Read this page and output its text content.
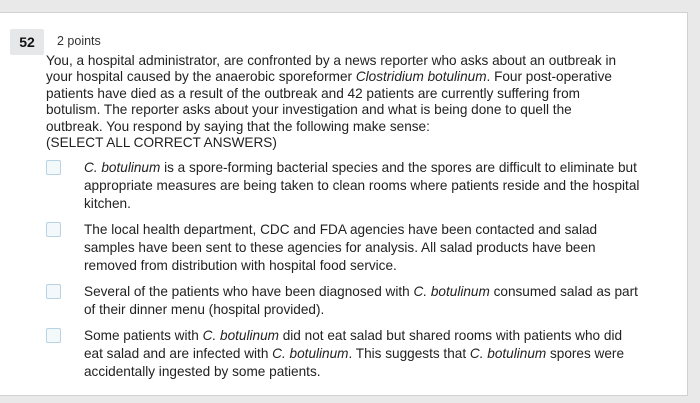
52	2 points

You, a hospital administrator, are confronted by a news reporter who asks about an outbreak in your hospital caused by the anaerobic sporeformer Clostridium botulinum. Four post-operative patients have died as a result of the outbreak and 42 patients are currently suffering from botulism. The reporter asks about your investigation and what is being done to quell the outbreak. You respond by saying that the following make sense:

(SELECT ALL CORRECT ANSWERS)

C. botulinum is a spore-forming bacterial species and the spores are difficult to eliminate but appropriate measures are being taken to clean rooms where patients reside and the hospital kitchen.
The local health department, CDC and FDA agencies have been contacted and salad samples have been sent to these agencies for analysis. All salad products have been removed from distribution with hospital food service.
Several of the patients who have been diagnosed with C. botulinum consumed salad as part of their dinner menu (hospital provided).
Some patients with C. botulinum did not eat salad but shared rooms with patients who did eat salad and are infected with C. botulinum. This suggests that C. botulinum spores were accidentally ingested by some patients.
